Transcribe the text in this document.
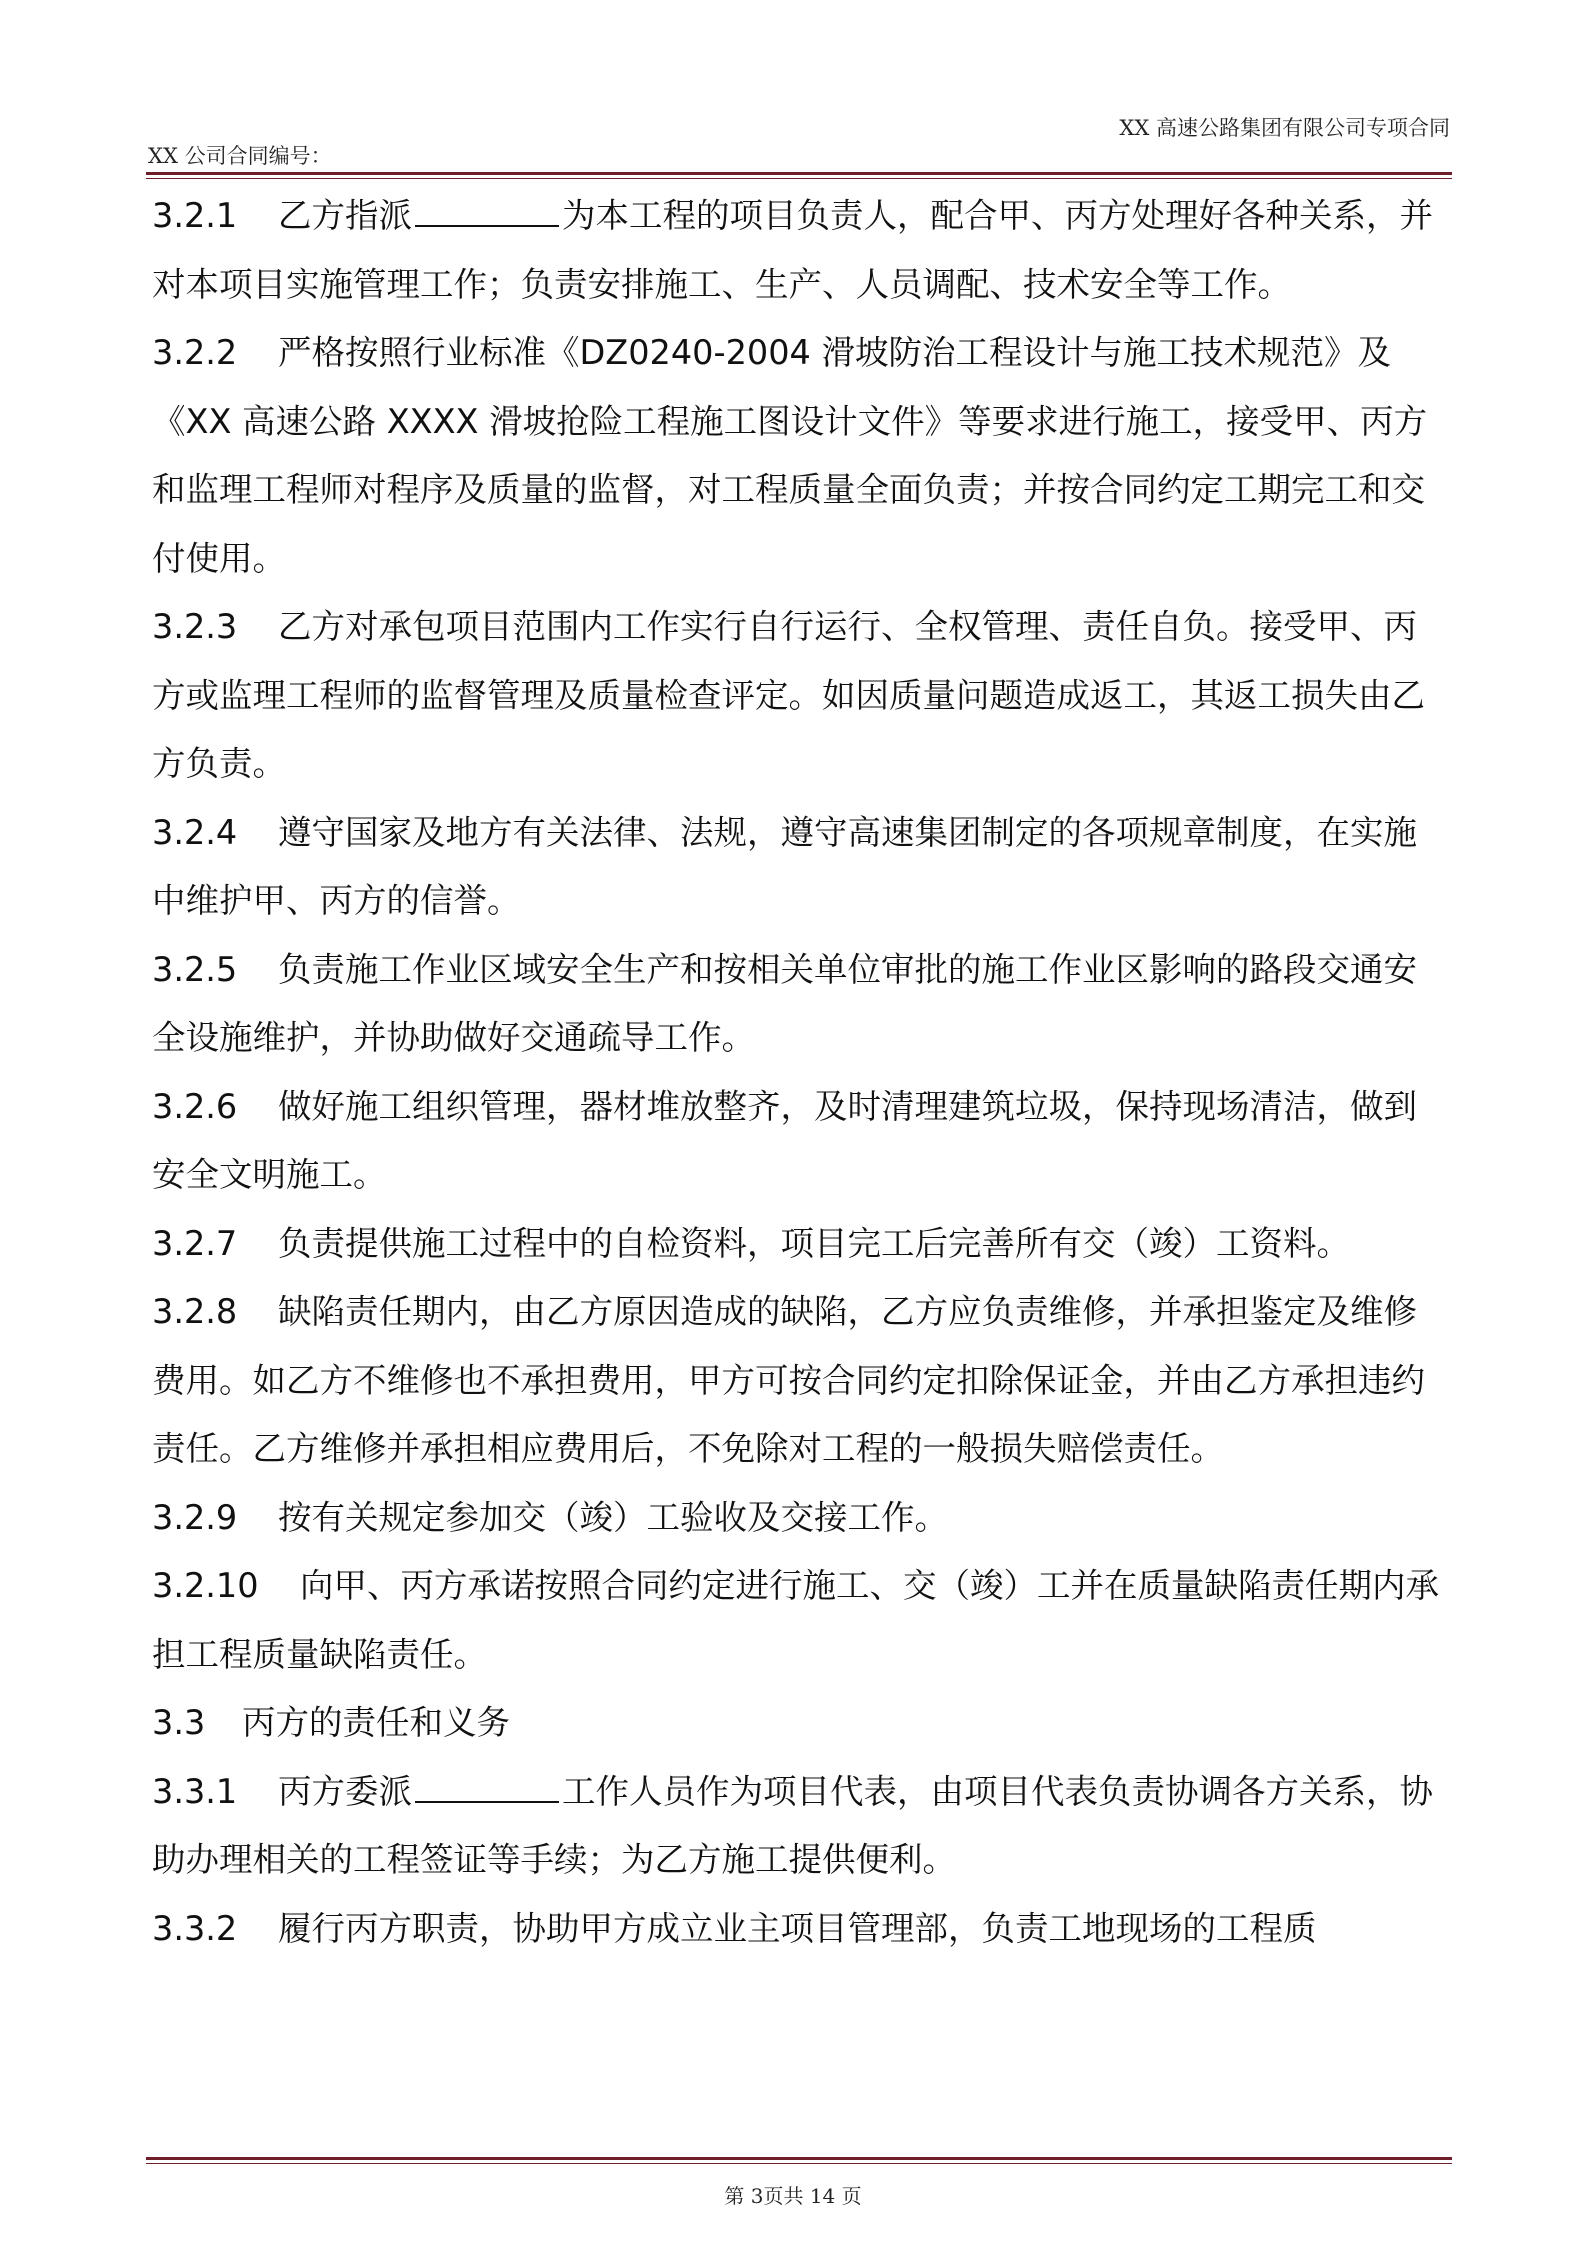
XX 高速公路集团有限公司专项合同
XX 公司合同编号：

3.2.1 乙方指派	为本工程的项目负责人，配合甲、丙方处理好各种关系，并对本项目实施管理工作；负责安排施工、生产、人员调配、技术安全等工作。

3.2.2 严格按照行业标准《DZ0240-2004 滑坡防治工程设计与施工技术规范》及《XX 高速公路 XXXX 滑坡抢险工程施工图设计文件》等要求进行施工，接受甲、丙方和监理工程师对程序及质量的监督，对工程质量全面负责；并按合同约定工期完工和交付使用。

3.2.3 乙方对承包项目范围内工作实行自行运行、全权管理、责任自负。接受甲、丙方或监理工程师的监督管理及质量检查评定。如因质量问题造成返工，其返工损失由乙方负责。

3.2.4 遵守国家及地方有关法律、法规，遵守高速集团制定的各项规章制度，在实施中维护甲、丙方的信誉。

3.2.5 负责施工作业区域安全生产和按相关单位审批的施工作业区影响的路段交通安全设施维护，并协助做好交通疏导工作。

3.2.6 做好施工组织管理，器材堆放整齐，及时清理建筑垃圾，保持现场清洁，做到安全文明施工。

3.2.7 负责提供施工过程中的自检资料，项目完工后完善所有交（竣）工资料。

3.2.8 缺陷责任期内，由乙方原因造成的缺陷，乙方应负责维修，并承担鉴定及维修费用。如乙方不维修也不承担费用，甲方可按合同约定扣除保证金，并由乙方承担违约责任。乙方维修并承担相应费用后，不免除对工程的一般损失赔偿责任。

3.2.9 按有关规定参加交（竣）工验收及交接工作。

3.2.10 向甲、丙方承诺按照合同约定进行施工、交（竣）工并在质量缺陷责任期内承担工程质量缺陷责任。

3.3 丙方的责任和义务

3.3.1 丙方委派	工作人员作为项目代表，由项目代表负责协调各方关系，协助办理相关的工程签证等手续；为乙方施工提供便利。

3.3.2 履行丙方职责，协助甲方成立业主项目管理部，负责工地现场的工程质

第 3页共 14 页
